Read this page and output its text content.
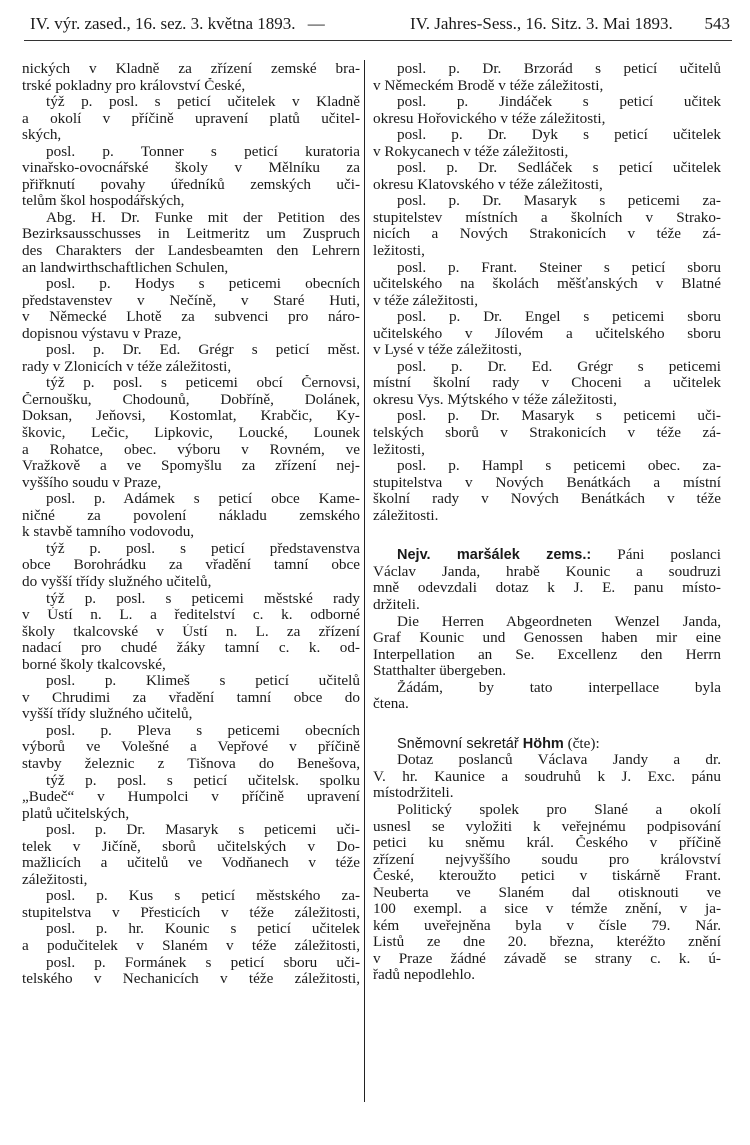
IV. výr. zased., 16. sez. 3. května 1893. —	IV. Jahres-Sess., 16. Sitz. 3. Mai 1893. 543
nických v Kladně za zřízení zemské bra-
trské pokladny pro království České,
týž p. posl. s peticí učitelek v Kladně
a okolí v příčině upravení platů učitel-
ských,
posl. p. Tonner s peticí kuratoria
vinařsko-ovocnářské školy v Mělníku za
přiřknutí povahy úředníků zemských uči-
telům škol hospodářských,
Abg. H. Dr. Funke mit der Petition des
Bezirksausschusses in Leitmeritz um Zuspruch
des Charakters der Landesbeamten den Lehrern
an landwirthschaftlichen Schulen,
posl. p. Hodys s peticemi obecních
představenstev v Nečíně, v Staré Huti,
v Německé Lhotě za subvenci pro náro-
dopisnou výstavu v Praze,
posl. p. Dr. Ed. Grégr s peticí měst.
rady v Zlonicích v téže záležitosti,
týž p. posl. s peticemi obcí Černovsi,
Černoušku, Chodounů, Dobříně, Dolánek,
Doksan, Jeňovsi, Kostomlat, Krabčic, Ky-
škovic, Lečic, Lipkovic, Loucké, Lounek
a Rohatce, obec. výboru v Rovném, ve
Vražkově a ve Spomyšlu za zřízení nej-
vyššího soudu v Praze,
posl. p. Adámek s peticí obce Kame-
ničné za povolení nákladu zemského
k stavbě tamního vodovodu,
týž p. posl. s peticí představenstva
obce Borohrádku za vřadění tamní obce
do vyšší třídy služného učitelů,
týž p. posl. s peticemi městské rady
v Ústí n. L. a ředitelství c. k. odborné
školy tkalcovské v Ústí n. L. za zřízení
nadací pro chudé žáky tamní c. k. od-
borné školy tkalcovské,
posl. p. Klimeš s peticí učitelů
v Chrudimi za vřadění tamní obce do
vyšší třídy služného učitelů,
posl. p. Pleva s peticemi obecních
výborů ve Volešné a Vepřové v příčině
stavby železnic z Tišnova do Benešova,
týž p. posl. s peticí učitelsk. spolku
„Budeč“ v Humpolci v příčině upravení
platů učitelských,
posl. p. Dr. Masaryk s peticemi uči-
telek v Jičíně, sborů učitelských v Do-
mažlicích a učitelů ve Vodňanech v téže
záležitosti,
posl. p. Kus s peticí městského za-
stupitelstva v Přesticích v téže záležitosti,
posl. p. hr. Kounic s peticí učitelek
a podučitelek v Slaném v téže záležitosti,
posl. p. Formánek s peticí sboru uči-
telského v Nechanicích v téže záležitosti,
posl. p. Dr. Brzorád s peticí učitelů
v Německém Brodě v téže záležitosti,
posl. p. Jindáček s peticí učitek
okresu Hořovického v téže záležitosti,
posl. p. Dr. Dyk s peticí učitelek
v Rokycanech v téže záležitosti,
posl. p. Dr. Sedláček s peticí učitelek
okresu Klatovského v téže záležitosti,
posl. p. Dr. Masaryk s peticemi za-
stupitelstev místních a školních v Strako-
nicích a Nových Strakonicích v téže zá-
ležitosti,
posl. p. Frant. Steiner s peticí sboru
učitelského na školách měšťanských v Blatné
v téže záležitosti,
posl. p. Dr. Engel s peticemi sboru
učitelského v Jílovém a učitelského sboru
v Lysé v téže záležitosti,
posl. p. Dr. Ed. Grégr s peticemi
místní školní rady v Choceni a učitelek
okresu Vys. Mýtského v téže záležitosti,
posl. p. Dr. Masaryk s peticemi uči-
telských sborů v Strakonicích v téže zá-
ležitosti,
posl. p. Hampl s peticemi obec. za-
stupitelstva v Nových Benátkách a místní
školní rady v Nových Benátkách v téže
záležitosti.
Nejv. maršálek zems.: Páni poslanci
Václav Janda, hrabě Kounic a soudruzi
mně odevzdali dotaz k J. E. panu místo-
držiteli.
Die Herren Abgeordneten Wenzel Janda,
Graf Kounic und Genossen haben mir eine
Interpellation an Se. Excellenz den Herrn
Statthalter übergeben.
Žádám, by tato interpellace byla
čtena.
Sněmovní sekretář Höhm (čte):
Dotaz poslanců Václava Jandy a dr.
V. hr. Kaunice a soudruhů k J. Exc. pánu
místodržiteli.
Politický spolek pro Slané a okolí
usnesl se vyložiti k veřejnému podpisování
petici ku sněmu král. Českého v příčině
zřízení nejvyššího soudu pro království
České, kteroužto petici v tiskárně Frant.
Neuberta ve Slaném dal otisknouti ve
100 exempl. a sice v témže znění, v ja-
kém uveřejněna byla v čísle 79. Nár.
Listů ze dne 20. března, kteréžto znění
v Praze žádné závadě se strany c. k. ú-
řadů nepodlehlo.
